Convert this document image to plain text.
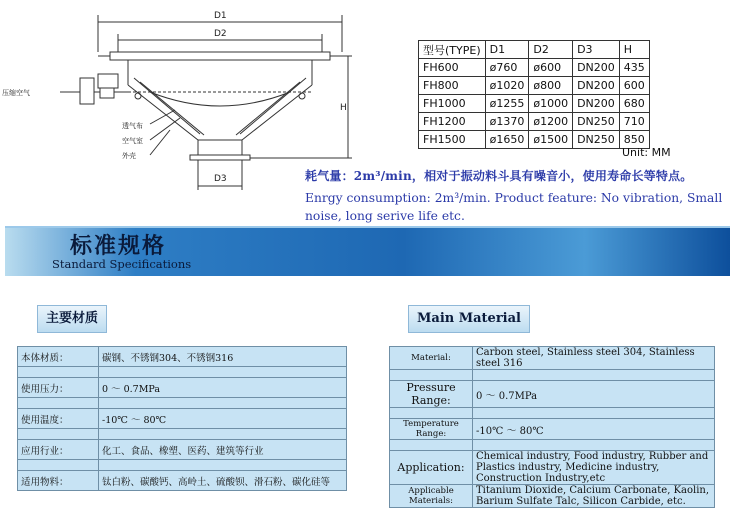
D1
D2
D3
H
压缩空气
透气布
空气室
外壳
型号(TYPE)	D1	D2	D3	H
FH600	ø760	ø600	DN200	435
FH800	ø1020	ø800	DN200	600
FH1000	ø1255	ø1000	DN200	680
FH1200	ø1370	ø1200	DN250	710
FH1500	ø1650	ø1500	DN250	850
Unit: MM
耗气量：2m³/min，相对于振动料斗具有噪音小，使用寿命长等特点。
Enrgy consumption: 2m³/min. Product feature: No vibration, Small noise, long serive life etc.
标准规格
Standard Specifications
主要材质	Main Material
本体材质：	碳钢、不锈钢304、不锈钢316

使用压力：	0 ～ 0.7MPa

使用温度：	-10℃ ～ 80℃

应用行业：	化工、食品、橡塑、医药、建筑等行业

适用物料：	钛白粉、碳酸钙、高岭土、硫酸钡、滑石粉、碳化硅等
Material:	Carbon steel, Stainless steel 304, Stainless steel 316

Pressure Range:	0 ～ 0.7MPa

Temperature Range:	-10℃ ～ 80℃

Application:	Chemical industry, Food industry, Rubber and Plastics industry, Medicine industry, Construction Industry,etc
Applicable Materials:	Titanium Dioxide, Calcium Carbonate, Kaolin, Barium Sulfate Talc, Silicon Carbide, etc.
